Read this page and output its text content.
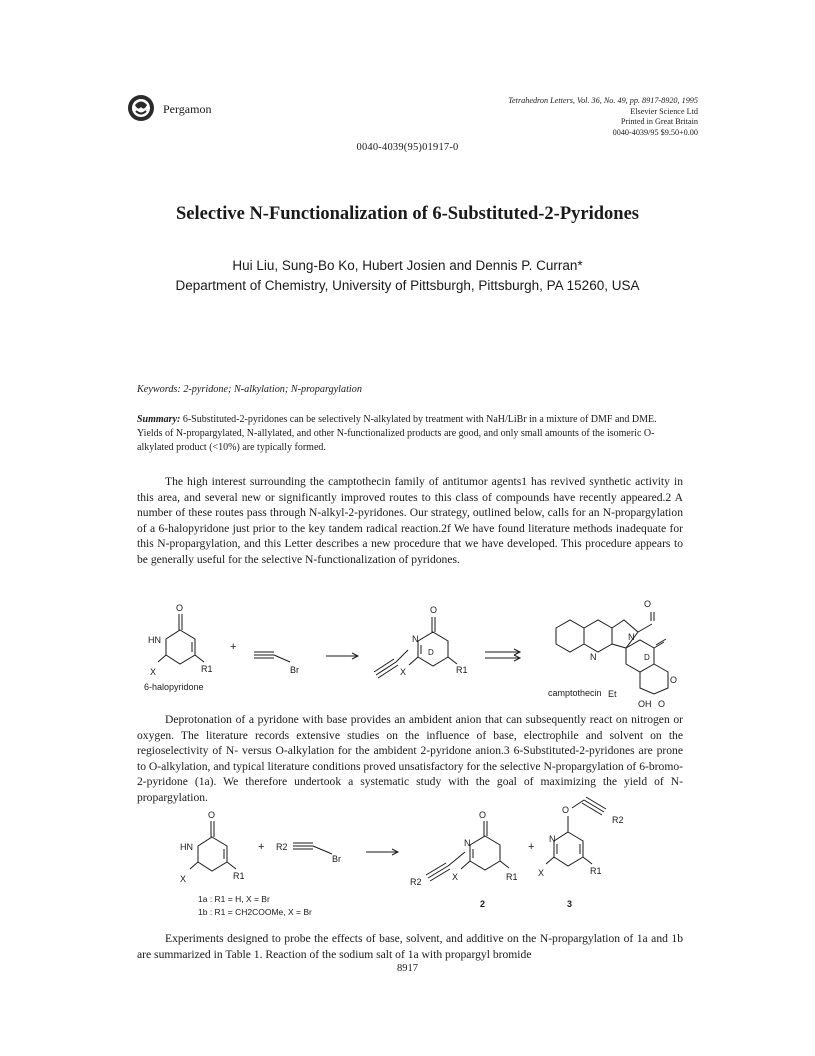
Pergamon
Tetrahedron Letters, Vol. 36, No. 49, pp. 8917-8920, 1995
Elsevier Science Ltd
Printed in Great Britain
0040-4039/95 $9.50+0.00
0040-4039(95)01917-0
Selective N-Functionalization of 6-Substituted-2-Pyridones
Hui Liu, Sung-Bo Ko, Hubert Josien and Dennis P. Curran*
Department of Chemistry, University of Pittsburgh, Pittsburgh, PA 15260, USA
Keywords: 2-pyridone; N-alkylation; N-propargylation
Summary: 6-Substituted-2-pyridones can be selectively N-alkylated by treatment with NaH/LiBr in a mixture of DMF and DME. Yields of N-propargylated, N-allylated, and other N-functionalized products are good, and only small amounts of the isomeric O-alkylated product (<10%) are typically formed.
The high interest surrounding the camptothecin family of antitumor agents1 has revived synthetic activity in this area, and several new or significantly improved routes to this class of compounds have recently appeared.2 A number of these routes pass through N-alkyl-2-pyridones. Our strategy, outlined below, calls for an N-propargylation of a 6-halopyridone just prior to the key tandem radical reaction.2f We have found literature methods inadequate for this N-propargylation, and this Letter describes a new procedure that we have developed. This procedure appears to be generally useful for the selective N-functionalization of pyridones.
Deprotonation of a pyridone with base provides an ambident anion that can subsequently react on nitrogen or oxygen. The literature records extensive studies on the influence of base, electrophile and solvent on the regioselectivity of N- versus O-alkylation for the ambident 2-pyridone anion.3 6-Substituted-2-pyridones are prone to O-alkylation, and typical literature conditions proved unsatisfactory for the selective N-propargylation of 6-bromo-2-pyridone (1a). We therefore undertook a systematic study with the goal of maximizing the yield of N-propargylation.
Experiments designed to probe the effects of base, solvent, and additive on the N-propargylation of 1a and 1b are summarized in Table 1. Reaction of the sodium salt of 1a with propargyl bromide
8917
O
HN
X	R1
6-halopyridone
+
Br
O
N
D
X	R1
O
N
N
D
O
Et
OH O
camptothecin
O
HN
X	R1
+ R2
Br
R2
O
N
X	R1
2
+
O
R2
N
X	R1
3
1a : R1 = H, X = Br
1b : R1 = CH2COOMe, X = Br
